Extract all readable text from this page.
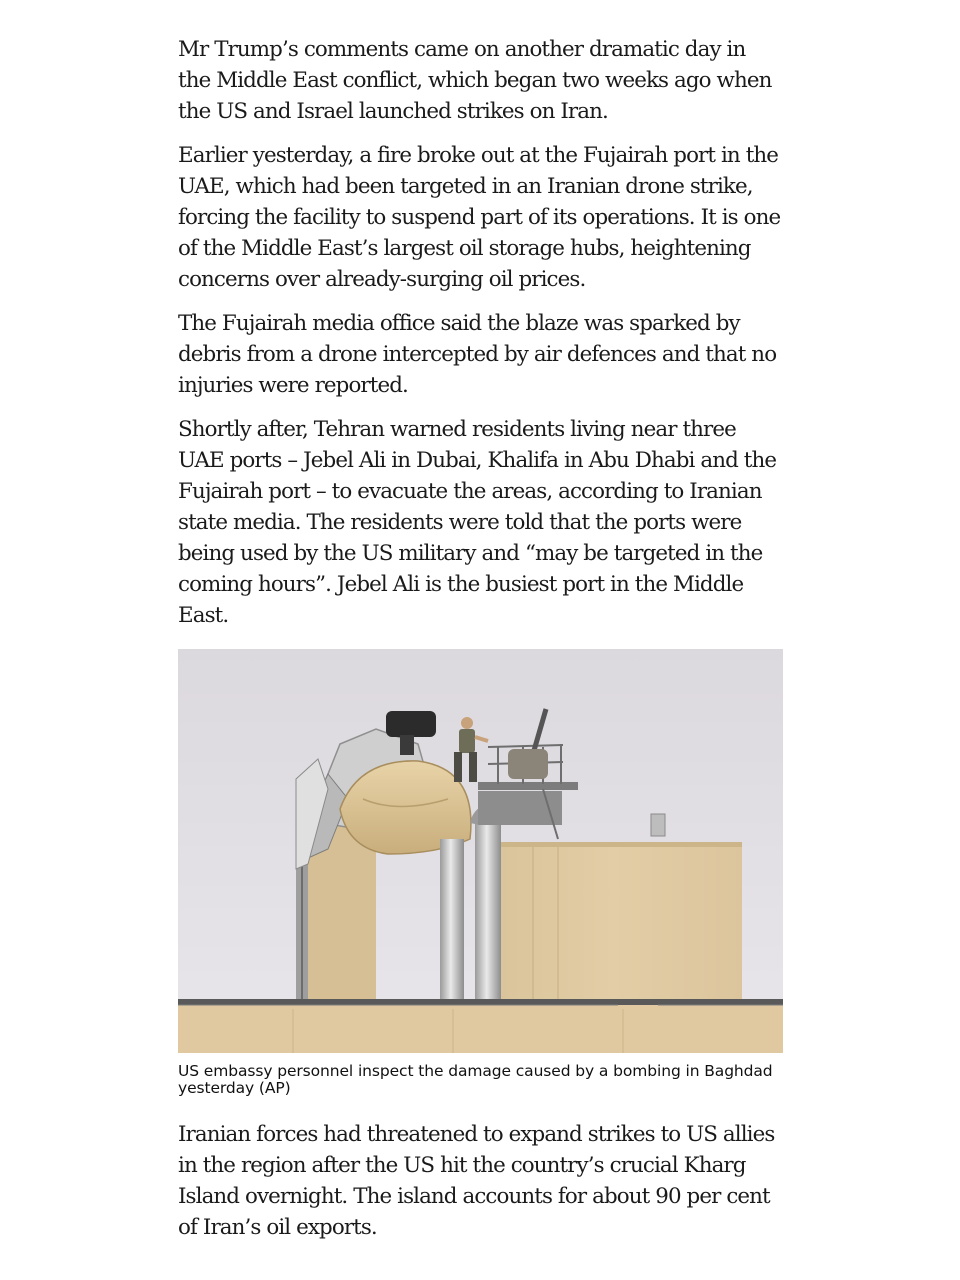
Mr Trump’s comments came on another dramatic day in the Middle East conflict, which began two weeks ago when the US and Israel launched strikes on Iran.

Earlier yesterday, a fire broke out at the Fujairah port in the UAE, which had been targeted in an Iranian drone strike, forcing the facility to suspend part of its operations. It is one of the Middle East’s largest oil storage hubs, heightening concerns over already-surging oil prices.

The Fujairah media office said the blaze was sparked by debris from a drone intercepted by air defences and that no injuries were reported.

Shortly after, Tehran warned residents living near three UAE ports – Jebel Ali in Dubai, Khalifa in Abu Dhabi and the Fujairah port – to evacuate the areas, according to Iranian state media. The residents were told that the ports were being used by the US military and “may be targeted in the coming hours”. Jebel Ali is the busiest port in the Middle East.

US embassy personnel inspect the damage caused by a bombing in Baghdad yesterday (AP)

Iranian forces had threatened to expand strikes to US allies in the region after the US hit the country’s crucial Kharg Island overnight. The island accounts for about 90 per cent of Iran’s oil exports.
